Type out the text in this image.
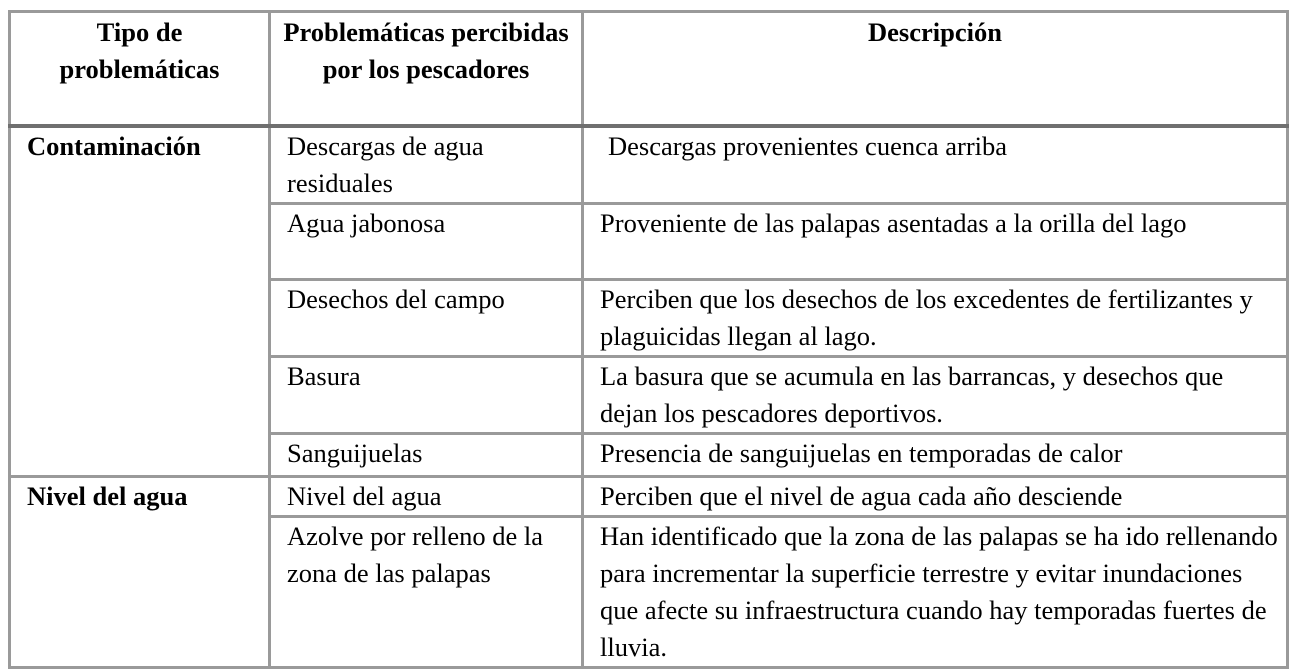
Tipo de problemáticas	Problemáticas percibidas por los pescadores	Descripción
Contaminación	Descargas de agua residuales	Descargas provenientes cuenca arriba
	Agua jabonosa	Proveniente de las palapas asentadas a la orilla del lago
	Desechos del campo	Perciben que los desechos de los excedentes de fertilizantes y plaguicidas llegan al lago.
	Basura	La basura que se acumula en las barrancas, y desechos que dejan los pescadores deportivos.
	Sanguijuelas	Presencia de sanguijuelas en temporadas de calor
Nivel del agua	Nivel del agua	Perciben que el nivel de agua cada año desciende
	Azolve por relleno de la zona de las palapas	Han identificado que la zona de las palapas se ha ido rellenando para incrementar la superficie terrestre y evitar inundaciones que afecte su infraestructura cuando hay temporadas fuertes de lluvia.
